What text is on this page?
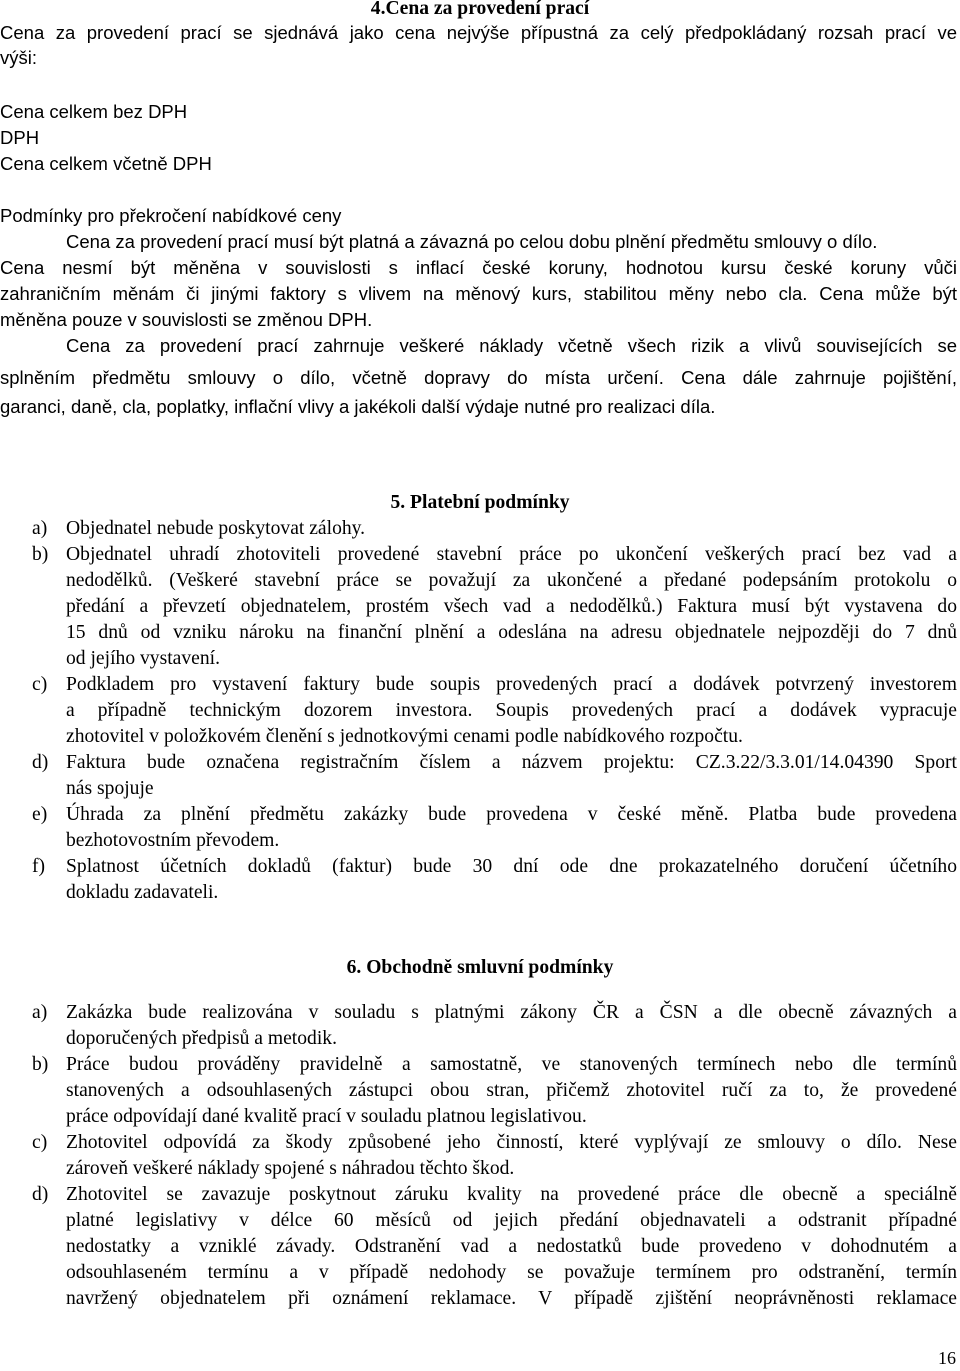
4.Cena za provedení prací
Cena za provedení prací se sjednává jako cena nejvýše přípustná za celý předpokládaný rozsah prací ve
výši:
Cena celkem bez DPH
DPH
Cena celkem včetně DPH
Podmínky pro překročení nabídkové ceny
Cena za provedení prací musí být platná a závazná po celou dobu plnění předmětu smlouvy o dílo.
Cena nesmí být měněna v souvislosti s inflací české koruny, hodnotou kursu české koruny vůči
zahraničním měnám či jinými faktory s vlivem na měnový kurs, stabilitou měny nebo cla. Cena může být
měněna pouze v souvislosti se změnou DPH.
Cena za provedení prací zahrnuje veškeré náklady včetně všech rizik a vlivů souvisejících se
splněním předmětu smlouvy o dílo, včetně dopravy do místa určení. Cena dále zahrnuje pojištění,
garanci, daně, cla, poplatky, inflační vlivy a jakékoli další výdaje nutné pro realizaci díla.
5. Platební podmínky
a) Objednatel nebude poskytovat zálohy.
b) Objednatel uhradí zhotoviteli provedené stavební práce po ukončení veškerých prací bez vad a
nedodělků. (Veškeré stavební práce se považují za ukončené a předané podepsáním protokolu o
předání a převzetí objednatelem, prostém všech vad a nedodělků.) Faktura musí být vystavena do
15 dnů od vzniku nároku na finanční plnění a odeslána na adresu objednatele nejpozději do 7 dnů
od jejího vystavení.
c) Podkladem pro vystavení faktury bude soupis provedených prací a dodávek potvrzený investorem
a případně technickým dozorem investora. Soupis provedených prací a dodávek vypracuje
zhotovitel v položkovém členění s jednotkovými cenami podle nabídkového rozpočtu.
d) Faktura bude označena registračním číslem a názvem projektu: CZ.3.22/3.3.01/14.04390 Sport
nás spojuje
e) Úhrada za plnění předmětu zakázky bude provedena v české měně. Platba bude provedena
bezhotovostním převodem.
f) Splatnost účetních dokladů (faktur) bude 30 dní ode dne prokazatelného doručení účetního
dokladu zadavateli.
6. Obchodně smluvní podmínky
a) Zakázka bude realizována v souladu s platnými zákony ČR a ČSN a dle obecně závazných a
doporučených předpisů a metodik.
b) Práce budou prováděny pravidelně a samostatně, ve stanovených termínech nebo dle termínů
stanovených a odsouhlasených zástupci obou stran, přičemž zhotovitel ručí za to, že provedené
práce odpovídají dané kvalitě prací v souladu platnou legislativou.
c) Zhotovitel odpovídá za škody způsobené jeho činností, které vyplývají ze smlouvy o dílo. Nese
zároveň veškeré náklady spojené s náhradou těchto škod.
d) Zhotovitel se zavazuje poskytnout záruku kvality na provedené práce dle obecně a speciálně
platné legislativy v délce 60 měsíců od jejich předání objednavateli a odstranit případné
nedostatky a vzniklé závady. Odstranění vad a nedostatků bude provedeno v dohodnutém a
odsouhlaseném termínu a v případě nedohody se považuje termínem pro odstranění, termín
navržený objednatelem při oznámení reklamace. V případě zjištění neoprávněnosti reklamace
16
